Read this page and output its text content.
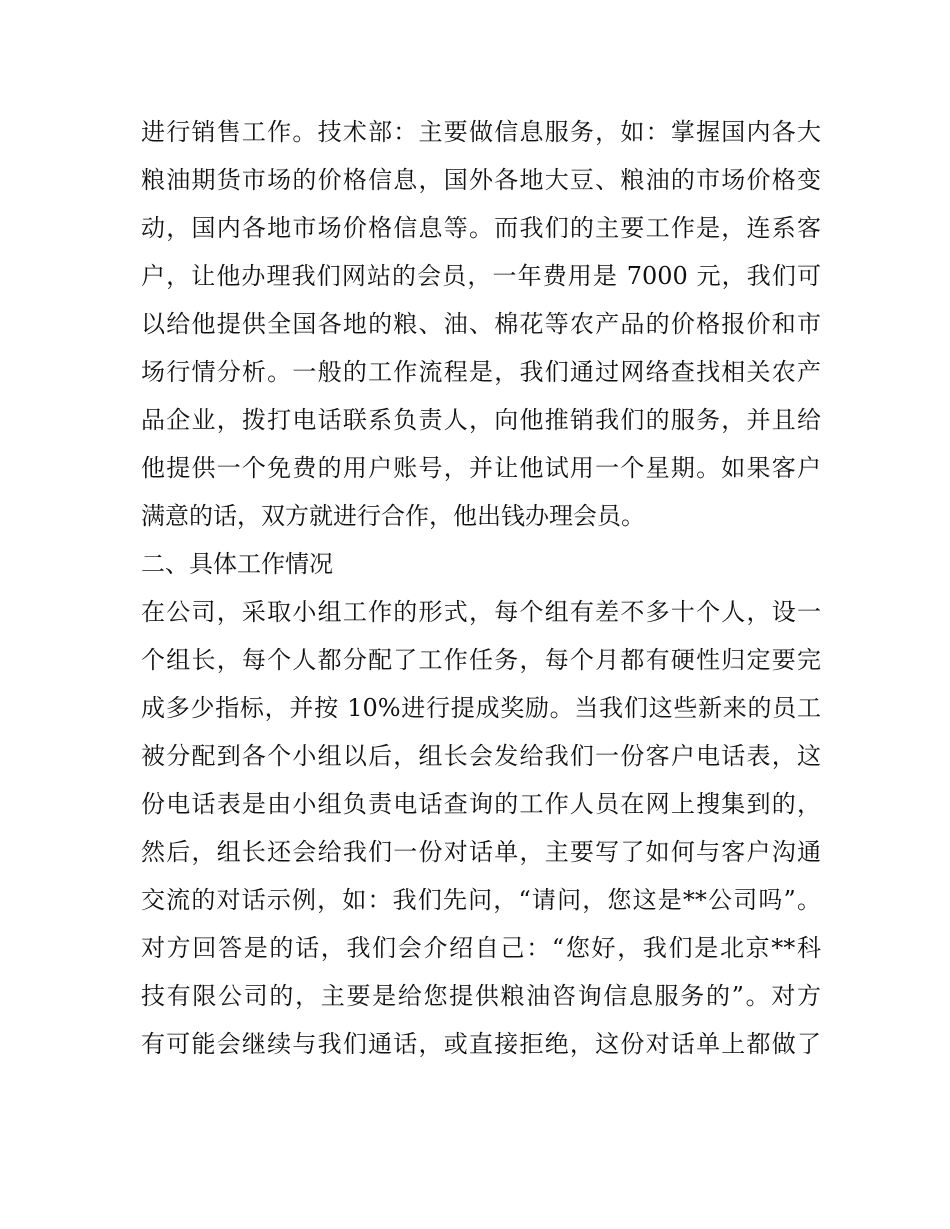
进行销售工作。技术部：主要做信息服务，如：掌握国内各大
粮油期货市场的价格信息，国外各地大豆、粮油的市场价格变
动，国内各地市场价格信息等。而我们的主要工作是，连系客
户，让他办理我们网站的会员，一年费用是 7000 元，我们可
以给他提供全国各地的粮、油、棉花等农产品的价格报价和市
场行情分析。一般的工作流程是，我们通过网络查找相关农产
品企业，拨打电话联系负责人，向他推销我们的服务，并且给
他提供一个免费的用户账号，并让他试用一个星期。如果客户
满意的话，双方就进行合作，他出钱办理会员。
二、具体工作情况
在公司，采取小组工作的形式，每个组有差不多十个人，设一
个组长，每个人都分配了工作任务，每个月都有硬性归定要完
成多少指标，并按 10%进行提成奖励。当我们这些新来的员工
被分配到各个小组以后，组长会发给我们一份客户电话表，这
份电话表是由小组负责电话查询的工作人员在网上搜集到的，
然后，组长还会给我们一份对话单，主要写了如何与客户沟通
交流的对话示例，如：我们先问，“请问，您这是**公司吗”。
对方回答是的话，我们会介绍自己：“您好，我们是北京**科
技有限公司的，主要是给您提供粮油咨询信息服务的”。对方
有可能会继续与我们通话，或直接拒绝，这份对话单上都做了
